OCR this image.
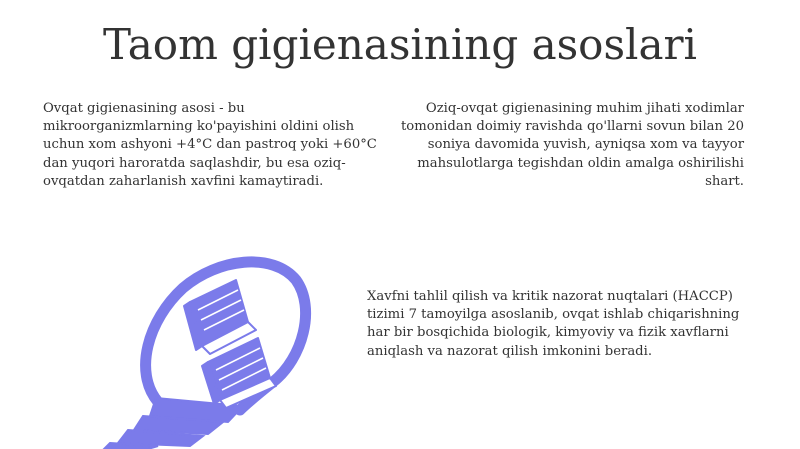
Taom gigienasining asoslari

Ovqat gigienasining asosi - bu mikroorganizmlarning ko'payishini oldini olish uchun xom ashyoni +4°C dan pastroq yoki +60°C dan yuqori haroratda saqlashdir, bu esa oziq-ovqatdan zaharlanish xavfini kamaytiradi.

Oziq-ovqat gigienasining muhim jihati xodimlar tomonidan doimiy ravishda qo'llarni sovun bilan 20 soniya davomida yuvish, ayniqsa xom va tayyor mahsulotlarga tegishdan oldin amalga oshirilishi shart.

Xavfni tahlil qilish va kritik nazorat nuqtalari (HACCP) tizimi 7 tamoyilga asoslanib, ovqat ishlab chiqarishning har bir bosqichida biologik, kimyoviy va fizik xavflarni aniqlash va nazorat qilish imkonini beradi.
